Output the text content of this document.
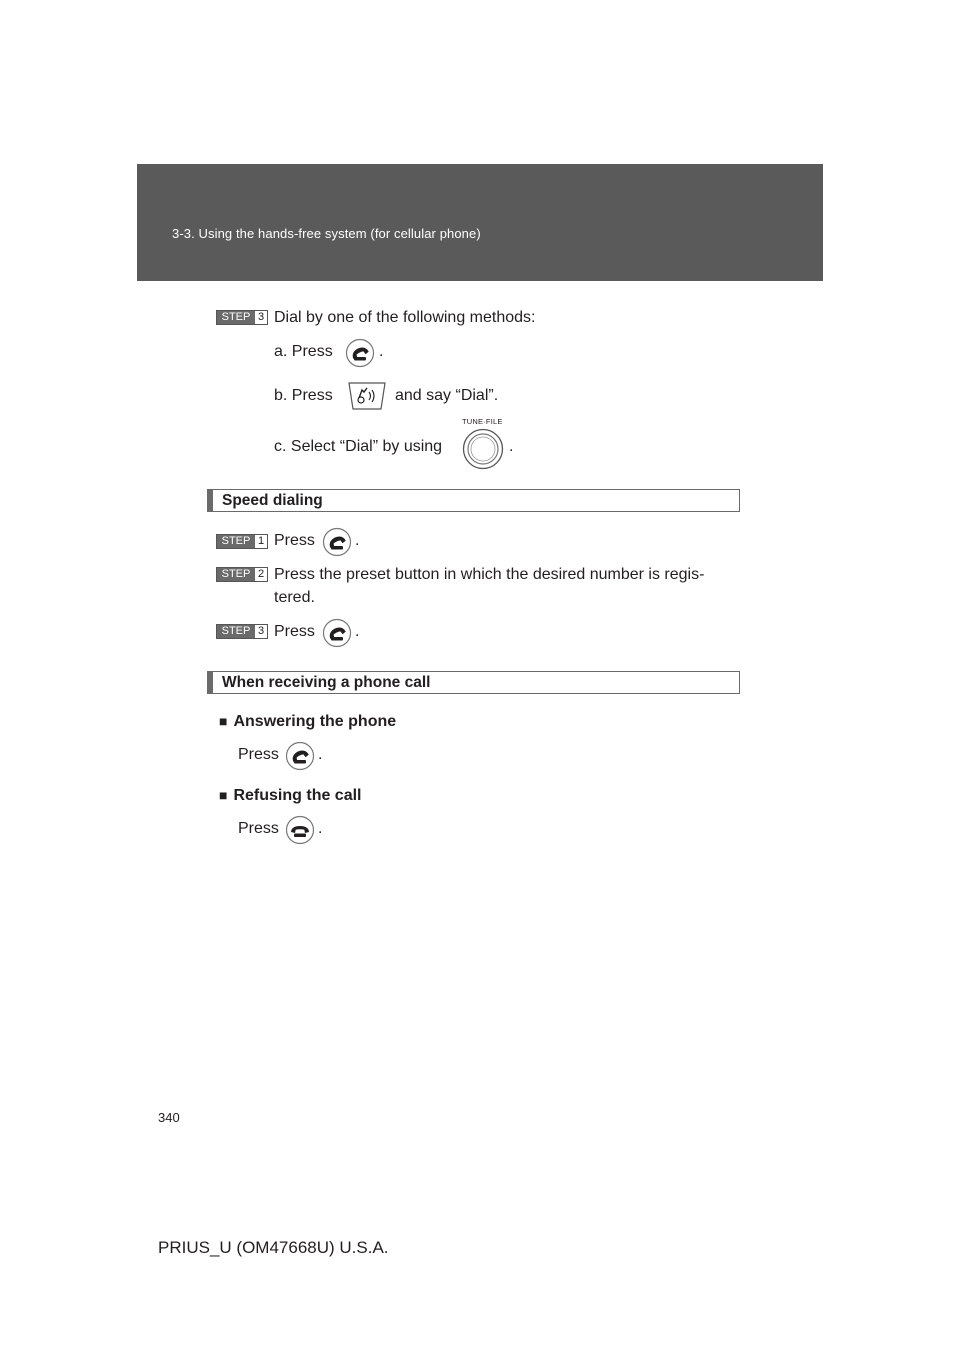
3-3. Using the hands-free system (for cellular phone)
STEP 3 Dial by one of the following methods:
a. Press	.
b. Press	and say “Dial”.
c. Select “Dial” by using
TUNE·FILE
.
Speed dialing
STEP 1 Press	.
STEP 2 Press the preset button in which the desired number is regis-
tered.
STEP 3 Press	.
When receiving a phone call
■ Answering the phone
Press .
■ Refusing the call
Press .
340
PRIUS_U (OM47668U) U.S.A.
